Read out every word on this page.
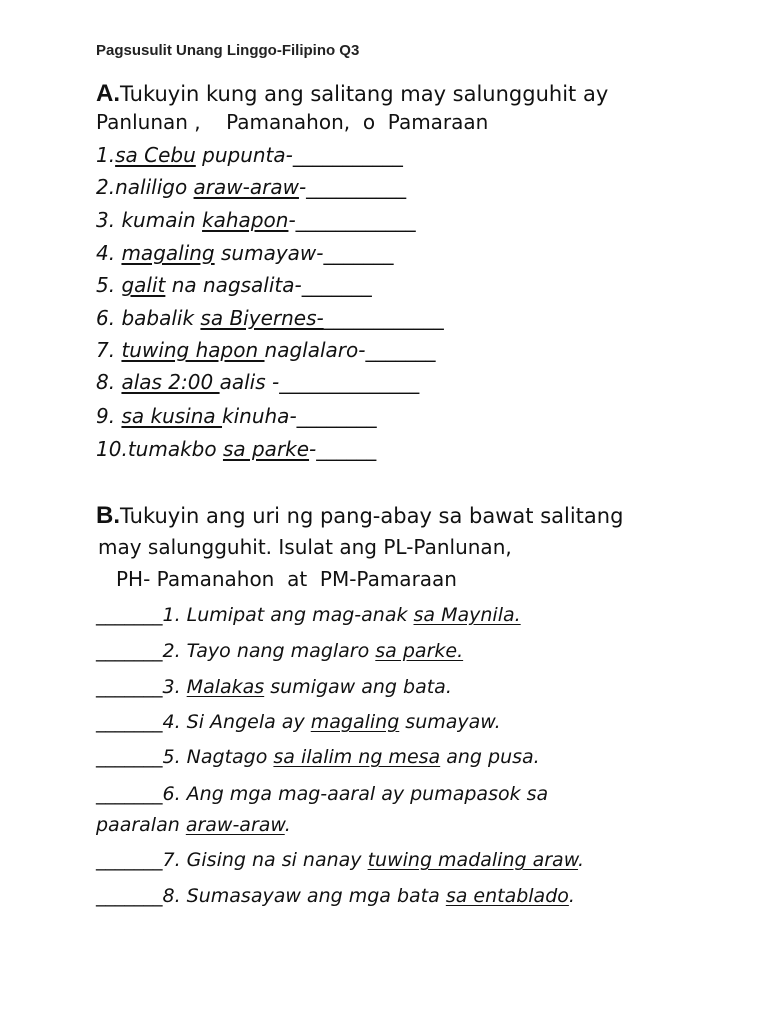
Pagsusulit Unang Linggo-Filipino Q3
A.Tukuyin kung ang salitang may salungguhit ay
Panlunan ,    Pamanahon,  o  Pamaraan
1.sa Cebu pupunta-___________
2.naliligo araw-araw-__________
3. kumain kahapon-____________
4. magaling sumayaw-_______
5. galit na nagsalita-_______
6. babalik sa Biyernes-____________
7. tuwing hapon naglalaro-_______
8. alas 2:00 aalis -______________
9. sa kusina kinuha-________
10.tumakbo sa parke-______
B.Tukuyin ang uri ng pang-abay sa bawat salitang
may salungguhit. Isulat ang PL-Panlunan,
PH- Pamanahon  at  PM-Pamaraan
_______1. Lumipat ang mag-anak sa Maynila.
_______2. Tayo nang maglaro sa parke.
_______3. Malakas sumigaw ang bata.
_______4. Si Angela ay magaling sumayaw.
_______5. Nagtago sa ilalim ng mesa ang pusa.
_______6. Ang mga mag-aaral ay pumapasok sa
paaralan araw-araw.
_______7. Gising na si nanay tuwing madaling araw.
_______8. Sumasayaw ang mga bata sa entablado.
